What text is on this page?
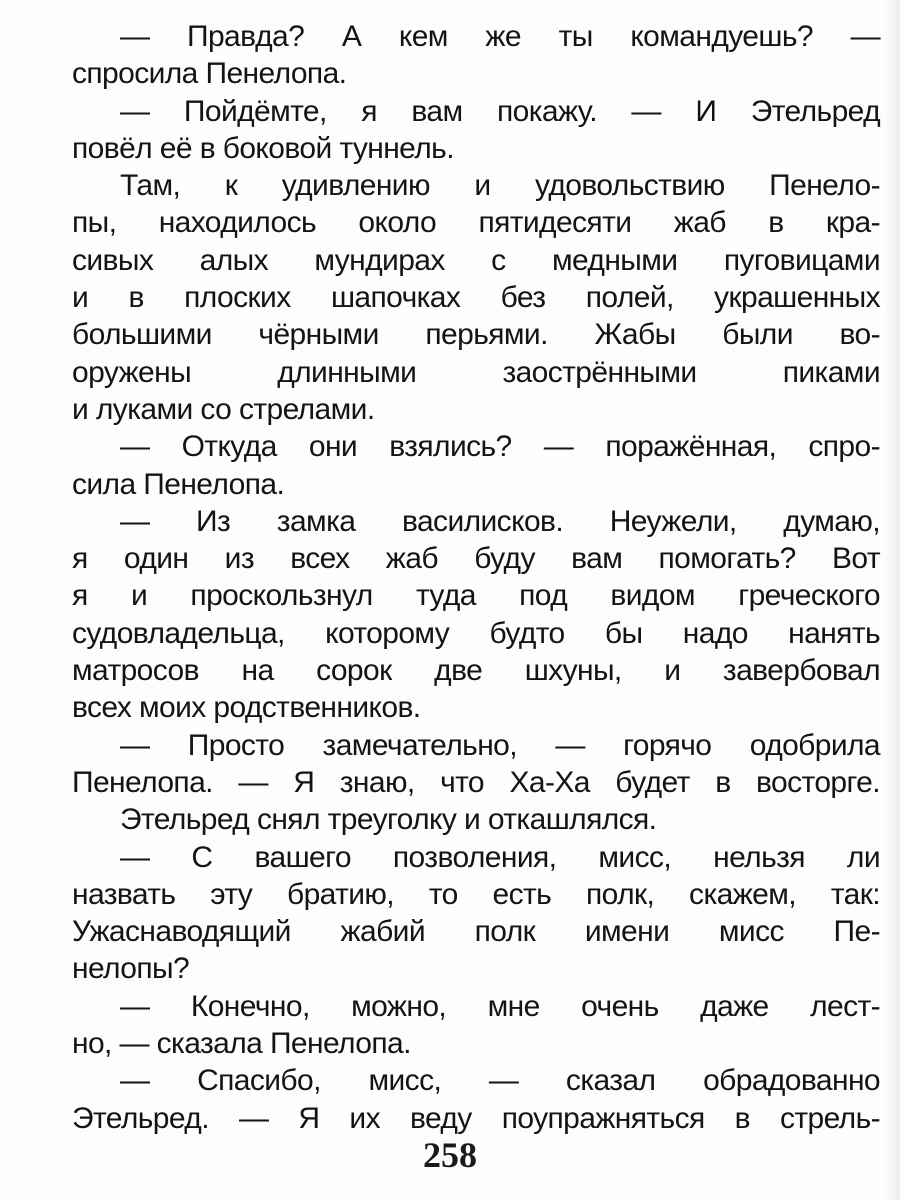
— Правда? А кем же ты командуешь? —
спросила Пенелопа.
— Пойдёмте, я вам покажу. — И Этельред
повёл её в боковой туннель.
Там, к удивлению и удовольствию Пенело-
пы, находилось около пятидесяти жаб в кра-
сивых алых мундирах с медными пуговицами
и в плоских шапочках без полей, украшенных
большими чёрными перьями. Жабы были во-
оружены длинными заострёнными пиками
и луками со стрелами.
— Откуда они взялись? — поражённая, спро-
сила Пенелопа.
— Из замка василисков. Неужели, думаю,
я один из всех жаб буду вам помогать? Вот
я и проскользнул туда под видом греческого
судовладельца, которому будто бы надо нанять
матросов на сорок две шхуны, и завербовал
всех моих родственников.
— Просто замечательно, — горячо одобрила
Пенелопа. — Я знаю, что Ха-Ха будет в восторге.
Этельред снял треуголку и откашлялся.
— С вашего позволения, мисс, нельзя ли
назвать эту братию, то есть полк, скажем, так:
Ужаснаводящий жабий полк имени мисс Пе-
нелопы?
— Конечно, можно, мне очень даже лест-
но, — сказала Пенелопа.
— Спасибо, мисс, — сказал обрадованно
Этельред. — Я их веду поупражняться в стрель-
258
